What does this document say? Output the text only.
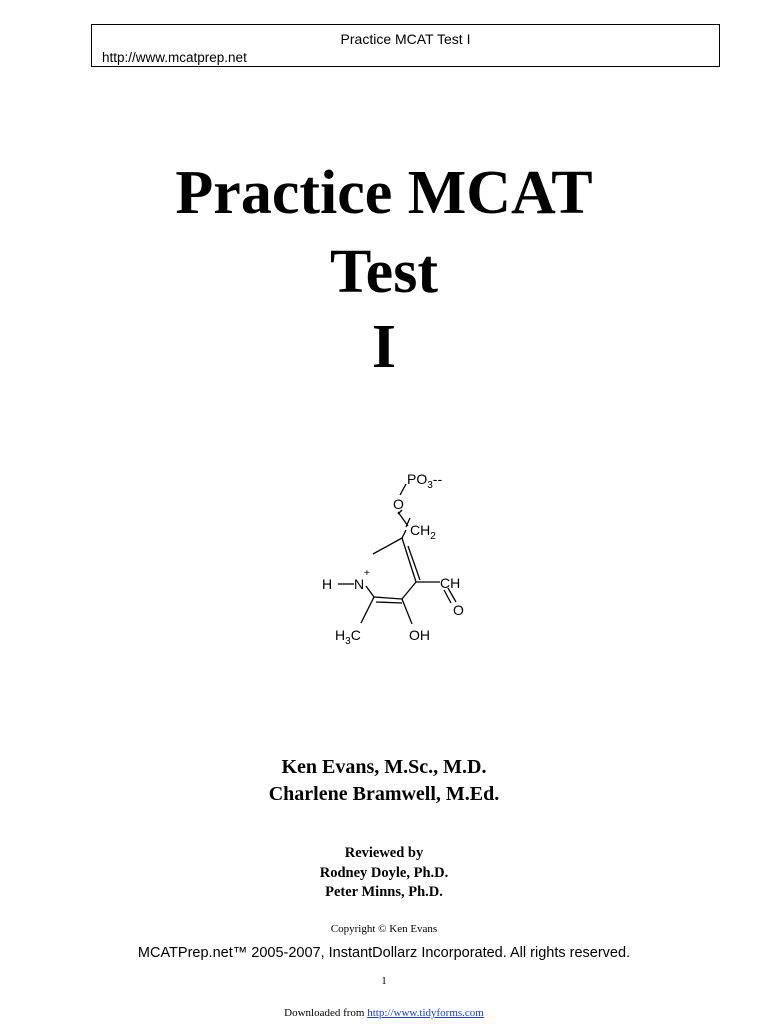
Practice MCAT Test I
http://www.mcatprep.net
Practice MCAT
Test
I
$PO_3--$
O
$CH_2$
H N
+
CH
O
$H_3C$	OH
Ken Evans, M.Sc., M.D.
Charlene Bramwell, M.Ed.
Reviewed by
Rodney Doyle, Ph.D.
Peter Minns, Ph.D.
Copyright © Ken Evans
MCATPrep.net™ 2005-2007, InstantDollarz Incorporated. All rights reserved.
1
Downloaded from http://www.tidyforms.com
